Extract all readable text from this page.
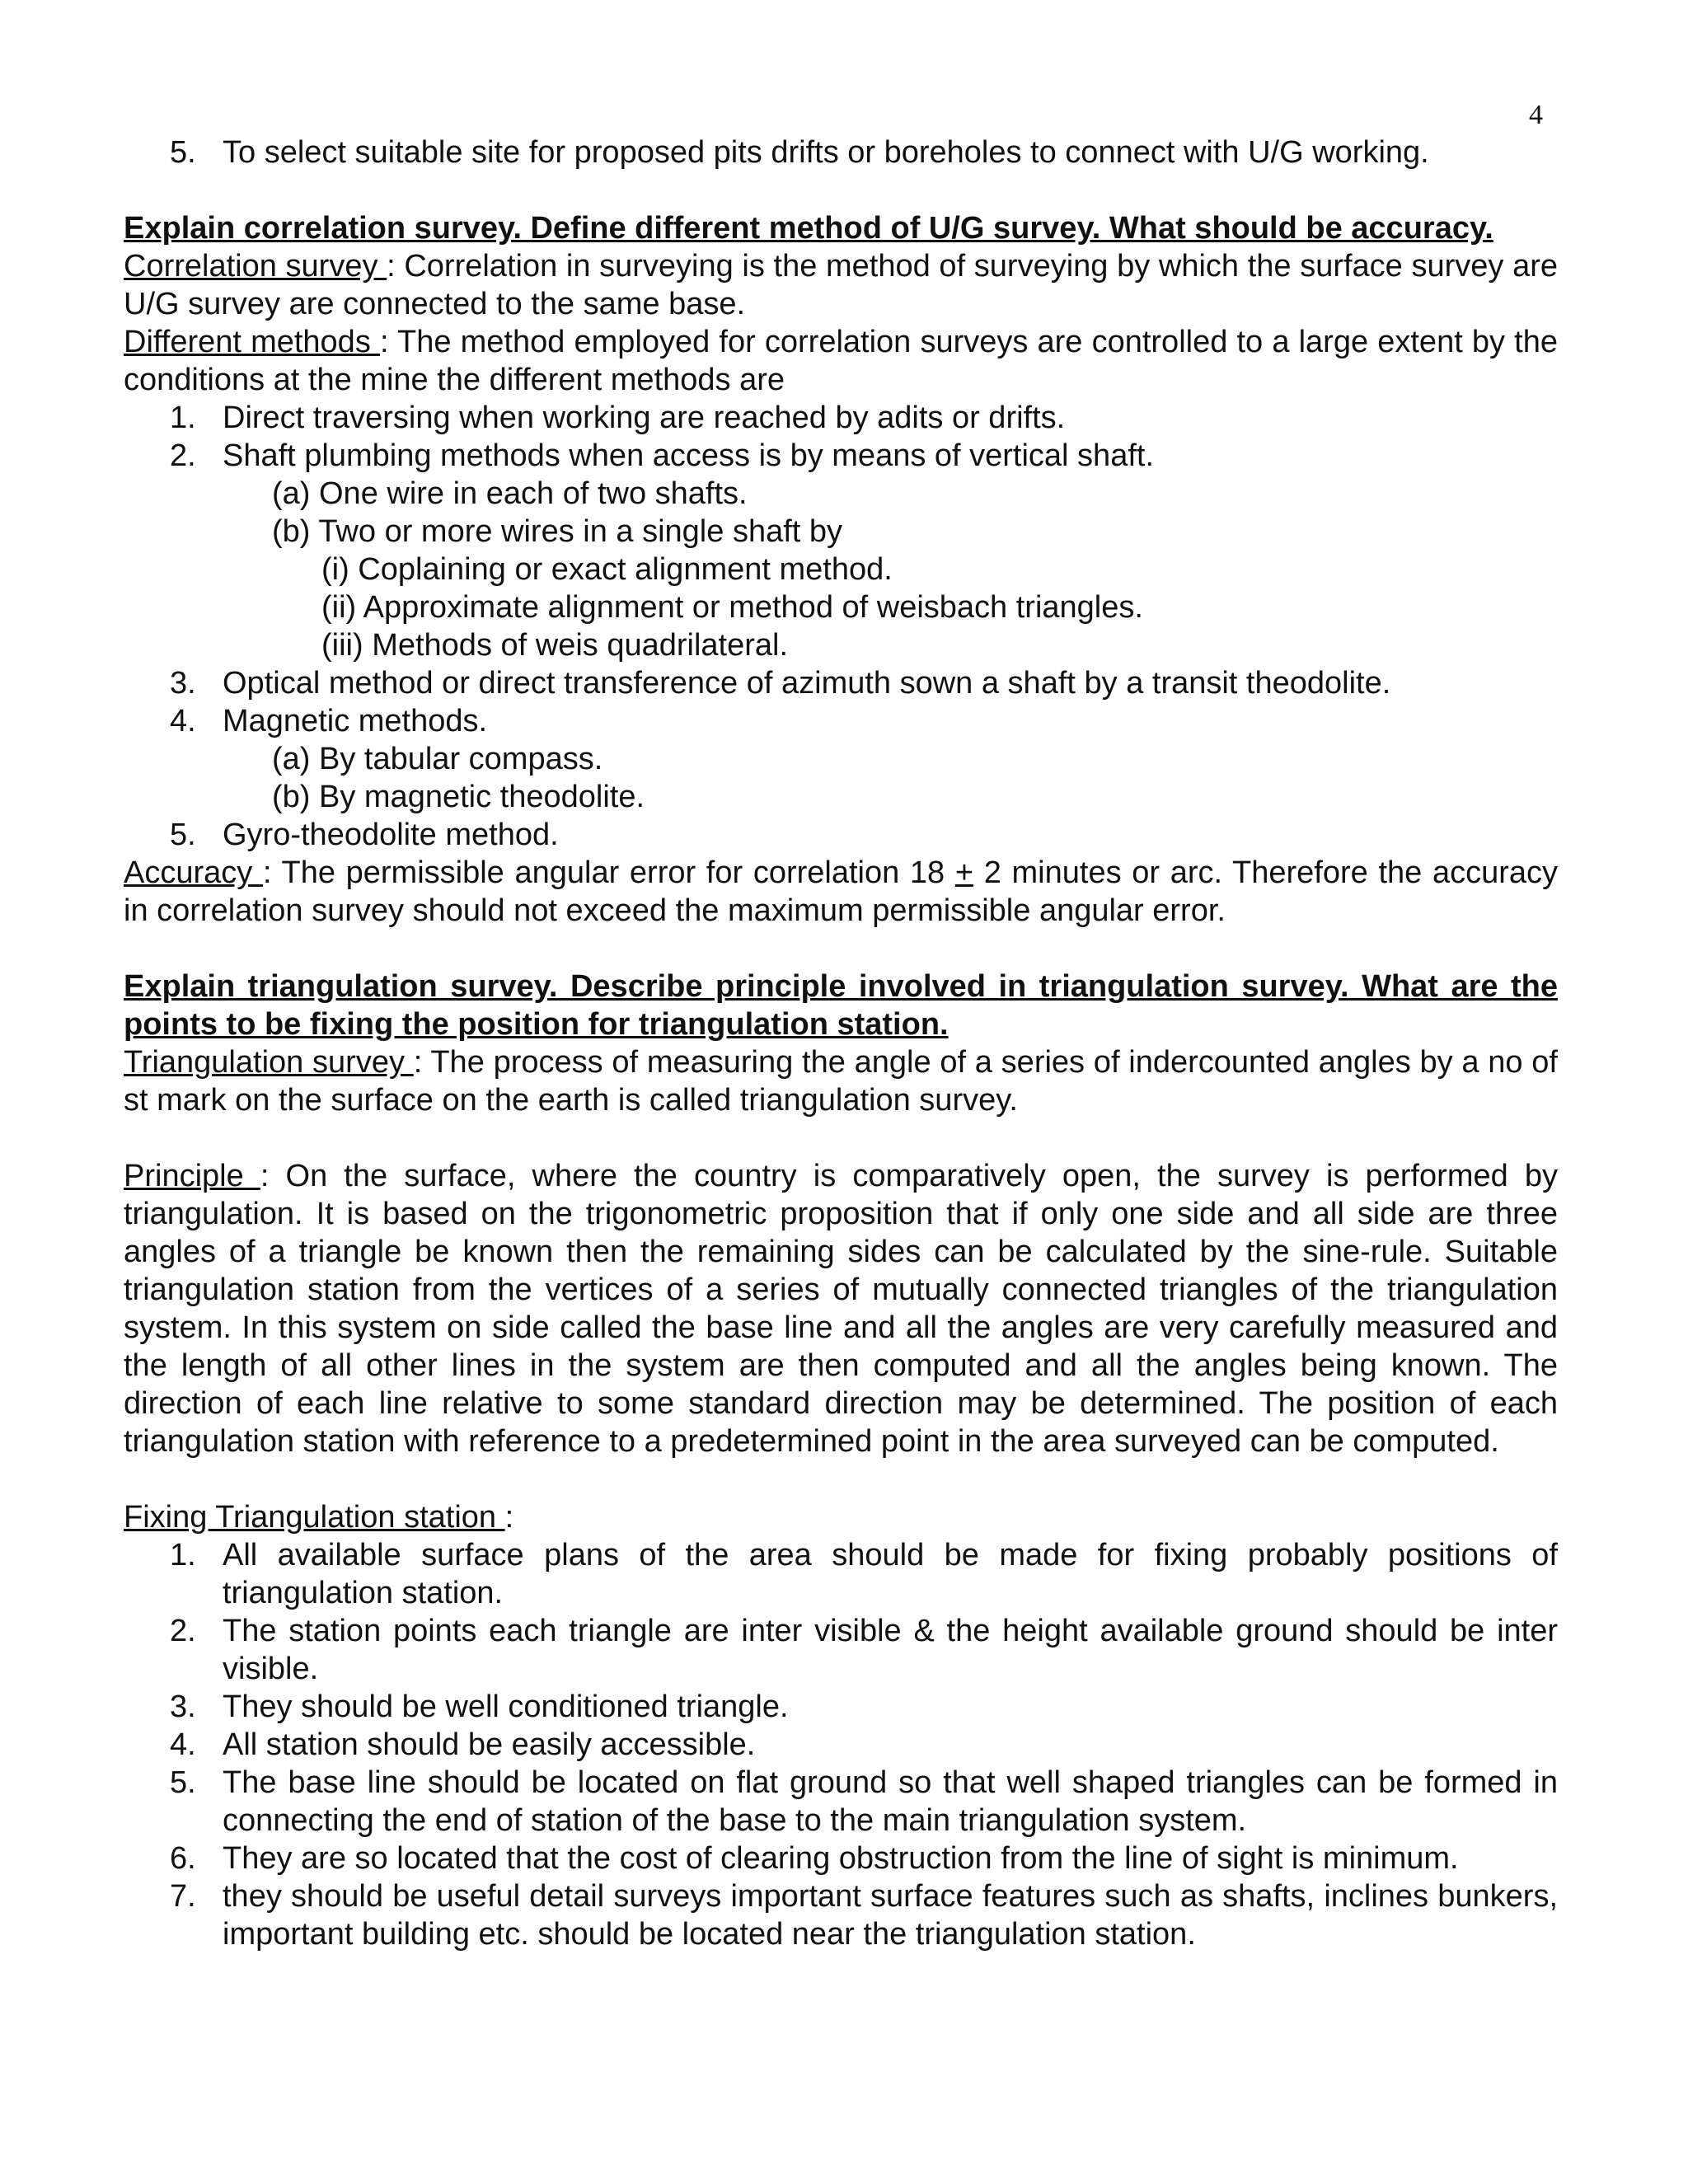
4
5. To select suitable site for proposed pits drifts or boreholes to connect with U/G working.

Explain correlation survey. Define different method of U/G survey. What should be accuracy.

Correlation survey : Correlation in surveying is the method of surveying by which the surface survey are U/G survey are connected to the same base.

Different methods : The method employed for correlation surveys are controlled to a large extent by the conditions at the mine the different methods are

1. Direct traversing when working are reached by adits or drifts.
2. Shaft plumbing methods when access is by means of vertical shaft.

(a) One wire in each of two shafts.

(b) Two or more wires in a single shaft by

(i) Coplaining or exact alignment method.

(ii) Approximate alignment or method of weisbach triangles.

(iii) Methods of weis quadrilateral.

3. Optical method or direct transference of azimuth sown a shaft by a transit theodolite.
4. Magnetic methods.

(a) By tabular compass.

(b) By magnetic theodolite.

5. Gyro-theodolite method.

Accuracy : The permissible angular error for correlation 18 + 2 minutes or arc. Therefore the accuracy in correlation survey should not exceed the maximum permissible angular error.

Explain triangulation survey. Describe principle involved in triangulation survey. What are the points to be fixing the position for triangulation station.

Triangulation survey : The process of measuring the angle of a series of indercounted angles by a no of st mark on the surface on the earth is called triangulation survey.

Principle : On the surface, where the country is comparatively open, the survey is performed by triangulation. It is based on the trigonometric proposition that if only one side and all side are three angles of a triangle be known then the remaining sides can be calculated by the sine-rule. Suitable triangulation station from the vertices of a series of mutually connected triangles of the triangulation system. In this system on side called the base line and all the angles are very carefully measured and the length of all other lines in the system are then computed and all the angles being known. The direction of each line relative to some standard direction may be determined. The position of each triangulation station with reference to a predetermined point in the area surveyed can be computed.

Fixing Triangulation station :

1. All available surface plans of the area should be made for fixing probably positions of triangulation station.
2. The station points each triangle are inter visible & the height available ground should be inter visible.
3. They should be well conditioned triangle.
4. All station should be easily accessible.
5. The base line should be located on flat ground so that well shaped triangles can be formed in connecting the end of station of the base to the main triangulation system.
6. They are so located that the cost of clearing obstruction from the line of sight is minimum.
7. they should be useful detail surveys important surface features such as shafts, inclines bunkers, important building etc. should be located near the triangulation station.
